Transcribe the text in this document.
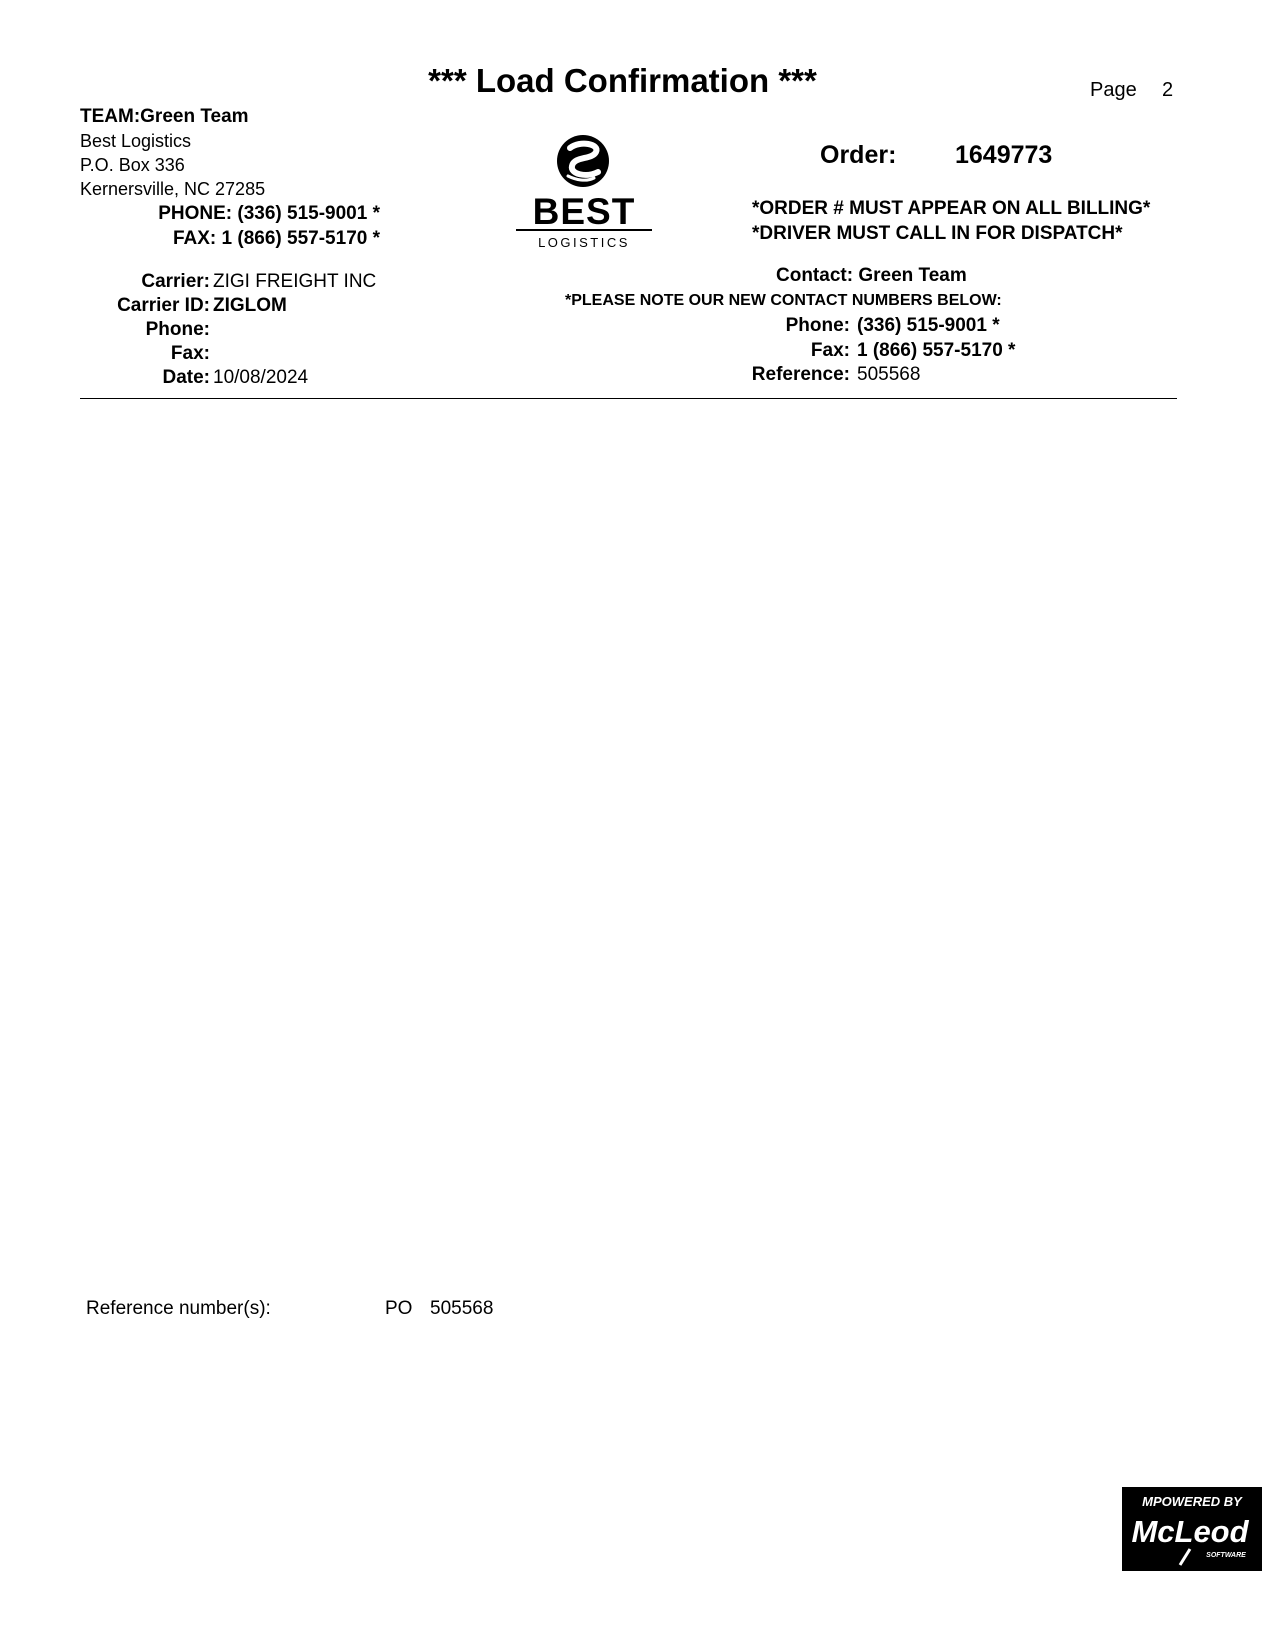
*** Load Confirmation ***	Page 2
TEAM:Green Team
Best Logistics
P.O. Box 336
Kernersville, NC 27285
PHONE: (336) 515-9001 *
FAX: 1 (866) 557-5170 *
BEST
LOGISTICS
Order: 1649773
*ORDER # MUST APPEAR ON ALL BILLING*
*DRIVER MUST CALL IN FOR DISPATCH*
Carrier: ZIGI FREIGHT INC
Carrier ID: ZIGLOM
Phone:
Fax:
Date: 10/08/2024
Contact: Green Team
*PLEASE NOTE OUR NEW CONTACT NUMBERS BELOW:
Phone: (336) 515-9001 *
Fax: 1 (866) 557-5170 *
Reference: 505568
Reference number(s):	PO 505568
MPOWERED BY
McLeod
SOFTWARE
